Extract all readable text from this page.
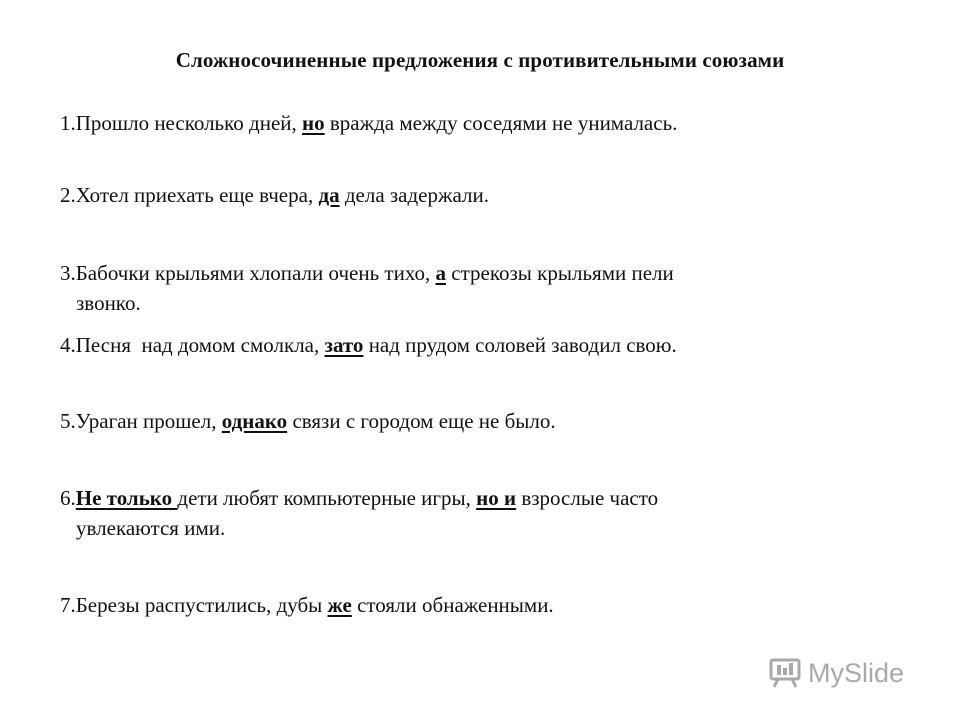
Сложносочиненные предложения с противительными союзами
1.Прошло несколько дней, но вражда между соседями не унималась.
2.Хотел приехать еще вчера, да дела задержали.
3.Бабочки крыльями хлопали очень тихо, а стрекозы крыльями пели
звонко.
4.Песня  над домом смолкла, зато над прудом соловей заводил свою.
5.Ураган прошел, однако связи с городом еще не было.
6.Не только дети любят компьютерные игры, но и взрослые часто
увлекаются ими.
7.Березы распустились, дубы же стояли обнаженными.
MySlide
